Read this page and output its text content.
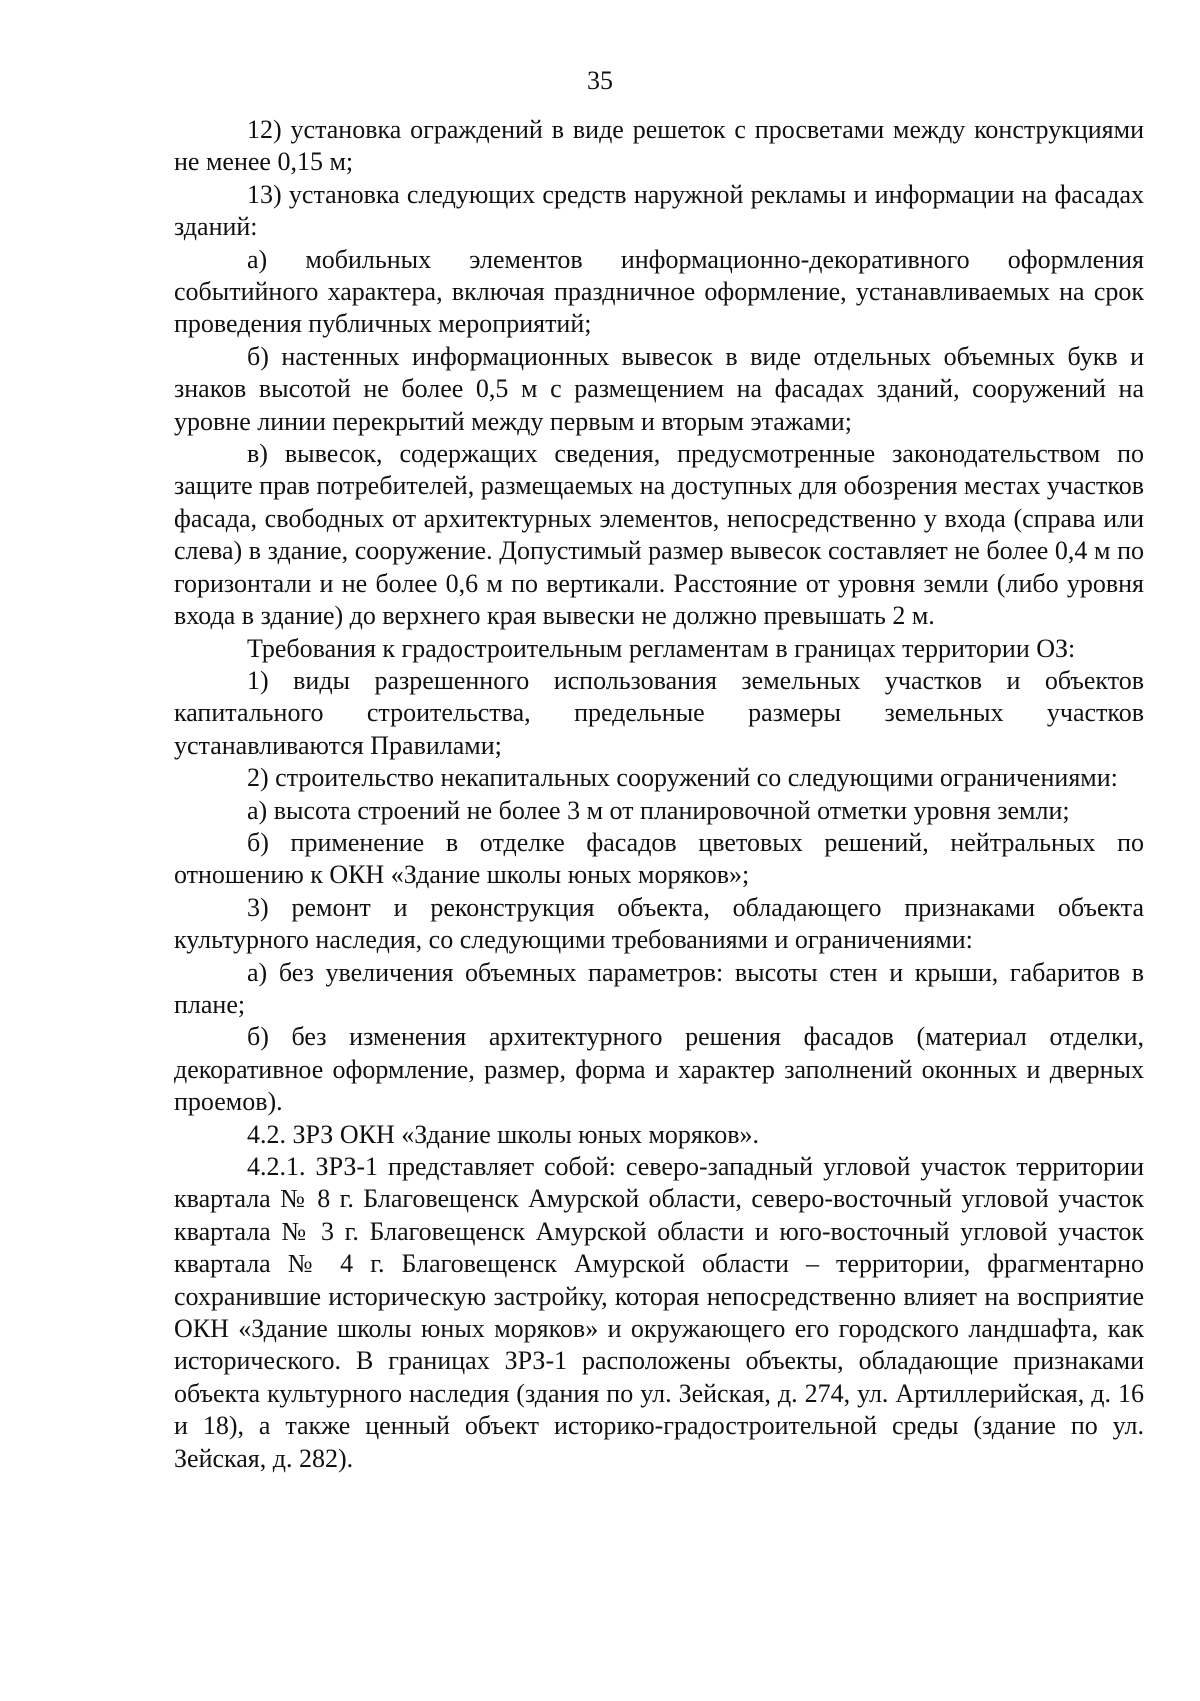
35

12) установка ограждений в виде решеток с просветами между конструкциями не менее 0,15 м;

13) установка следующих средств наружной рекламы и информации на фасадах зданий:

а) мобильных элементов информационно-декоративного оформления событийного характера, включая праздничное оформление, устанавливаемых на срок проведения публичных мероприятий;

б) настенных информационных вывесок в виде отдельных объемных букв и знаков высотой не более 0,5 м с размещением на фасадах зданий, сооружений на уровне линии перекрытий между первым и вторым этажами;

в) вывесок, содержащих сведения, предусмотренные законодательством по защите прав потребителей, размещаемых на доступных для обозрения местах участков фасада, свободных от архитектурных элементов, непосредственно у входа (справа или слева) в здание, сооружение. Допустимый размер вывесок составляет не более 0,4 м по горизонтали и не более 0,6 м по вертикали. Расстояние от уровня земли (либо уровня входа в здание) до верхнего края вывески не должно превышать 2 м.

Требования к градостроительным регламентам в границах территории ОЗ:

1) виды разрешенного использования земельных участков и объектов капитального строительства, предельные размеры земельных участков устанавливаются Правилами;

2) строительство некапитальных сооружений со следующими ограничениями:

а) высота строений не более 3 м от планировочной отметки уровня земли;

б) применение в отделке фасадов цветовых решений, нейтральных по отношению к ОКН «Здание школы юных моряков»;

3) ремонт и реконструкция объекта, обладающего признаками объекта культурного наследия, со следующими требованиями и ограничениями:

а) без увеличения объемных параметров: высоты стен и крыши, габаритов в плане;

б) без изменения архитектурного решения фасадов (материал отделки, декоративное оформление, размер, форма и характер заполнений оконных и дверных проемов).

4.2. ЗРЗ ОКН «Здание школы юных моряков».

4.2.1. ЗРЗ-1 представляет собой: северо-западный угловой участок территории квартала № 8 г. Благовещенск Амурской области, северо-восточный угловой участок квартала № 3 г. Благовещенск Амурской области и юго-восточный угловой участок квартала № 4 г. Благовещенск Амурской области – территории, фрагментарно сохранившие историческую застройку, которая непосредственно влияет на восприятие ОКН «Здание школы юных моряков» и окружающего его городского ландшафта, как исторического. В границах ЗРЗ-1 расположены объекты, обладающие признаками объекта культурного наследия (здания по ул. Зейская, д. 274, ул. Артиллерийская, д. 16 и 18), а также ценный объект историко-градостроительной среды (здание по ул. Зейская, д. 282).
